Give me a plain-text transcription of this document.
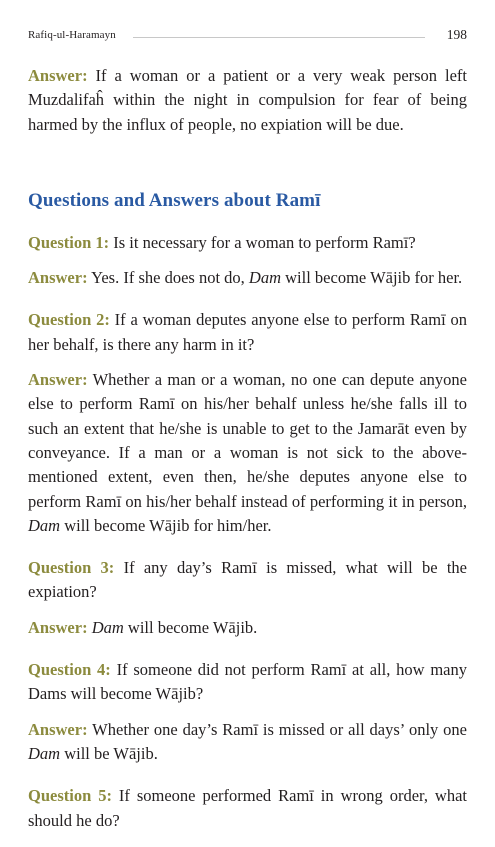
Rafiq-ul-Haramayn	198

Answer: If a woman or a patient or a very weak person left Muzdalifaĥ within the night in compulsion for fear of being harmed by the influx of people, no expiation will be due.

Questions and Answers about Ramī

Question 1: Is it necessary for a woman to perform Ramī?

Answer: Yes. If she does not do, Dam will become Wājib for her.

Question 2: If a woman deputes anyone else to perform Ramī on her behalf, is there any harm in it?

Answer: Whether a man or a woman, no one can depute anyone else to perform Ramī on his/her behalf unless he/she falls ill to such an extent that he/she is unable to get to the Jamarāt even by conveyance. If a man or a woman is not sick to the above-mentioned extent, even then, he/she deputes anyone else to perform Ramī on his/her behalf instead of performing it in person, Dam will become Wājib for him/her.

Question 3: If any day’s Ramī is missed, what will be the expiation?

Answer: Dam will become Wājib.

Question 4: If someone did not perform Ramī at all, how many Dams will become Wājib?

Answer: Whether one day’s Ramī is missed or all days’ only one Dam will be Wājib.

Question 5: If someone performed Ramī in wrong order, what should he do?
